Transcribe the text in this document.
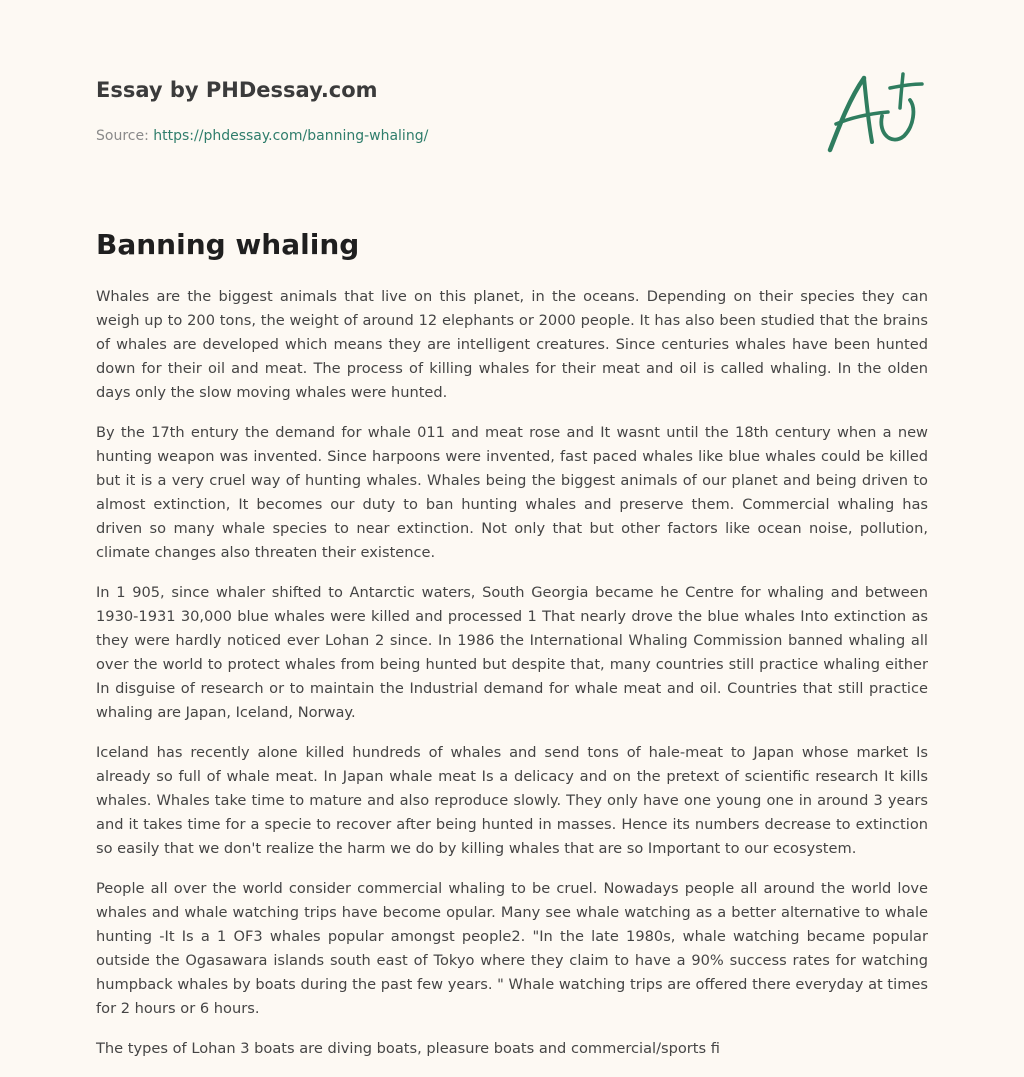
Essay by PHDessay.com
Source: https://phdessay.com/banning-whaling/
Banning whaling

Whales are the biggest animals that live on this planet, in the oceans. Depending on their species they can weigh up to 200 tons, the weight of around 12 elephants or 2000 people. It has also been studied that the brains of whales are developed which means they are intelligent creatures. Since centuries whales have been hunted down for their oil and meat. The process of killing whales for their meat and oil is called whaling. In the olden days only the slow moving whales were hunted.

By the 17th entury the demand for whale 011 and meat rose and It wasnt until the 18th century when a new hunting weapon was invented. Since harpoons were invented, fast paced whales like blue whales could be killed but it is a very cruel way of hunting whales. Whales being the biggest animals of our planet and being driven to almost extinction, It becomes our duty to ban hunting whales and preserve them. Commercial whaling has driven so many whale species to near extinction. Not only that but other factors like ocean noise, pollution, climate changes also threaten their existence.

In 1 905, since whaler shifted to Antarctic waters, South Georgia became he Centre for whaling and between 1930-1931 30,000 blue whales were killed and processed 1 That nearly drove the blue whales Into extinction as they were hardly noticed ever Lohan 2 since. In 1986 the International Whaling Commission banned whaling all over the world to protect whales from being hunted but despite that, many countries still practice whaling either In disguise of research or to maintain the Industrial demand for whale meat and oil. Countries that still practice whaling are Japan, Iceland, Norway.

Iceland has recently alone killed hundreds of whales and send tons of hale-meat to Japan whose market Is already so full of whale meat. In Japan whale meat Is a delicacy and on the pretext of scientific research It kills whales. Whales take time to mature and also reproduce slowly. They only have one young one in around 3 years and it takes time for a specie to recover after being hunted in masses. Hence its numbers decrease to extinction so easily that we don't realize the harm we do by killing whales that are so Important to our ecosystem.

People all over the world consider commercial whaling to be cruel. Nowadays people all around the world love whales and whale watching trips have become opular. Many see whale watching as a better alternative to whale hunting -It Is a 1 OF3 whales popular amongst people2. "In the late 1980s, whale watching became popular outside the Ogasawara islands south east of Tokyo where they claim to have a 90% success rates for watching humpback whales by boats during the past few years. " Whale watching trips are offered there everyday at times for 2 hours or 6 hours.

The types of Lohan 3 boats are diving boats, pleasure boats and commercial/sports fi
